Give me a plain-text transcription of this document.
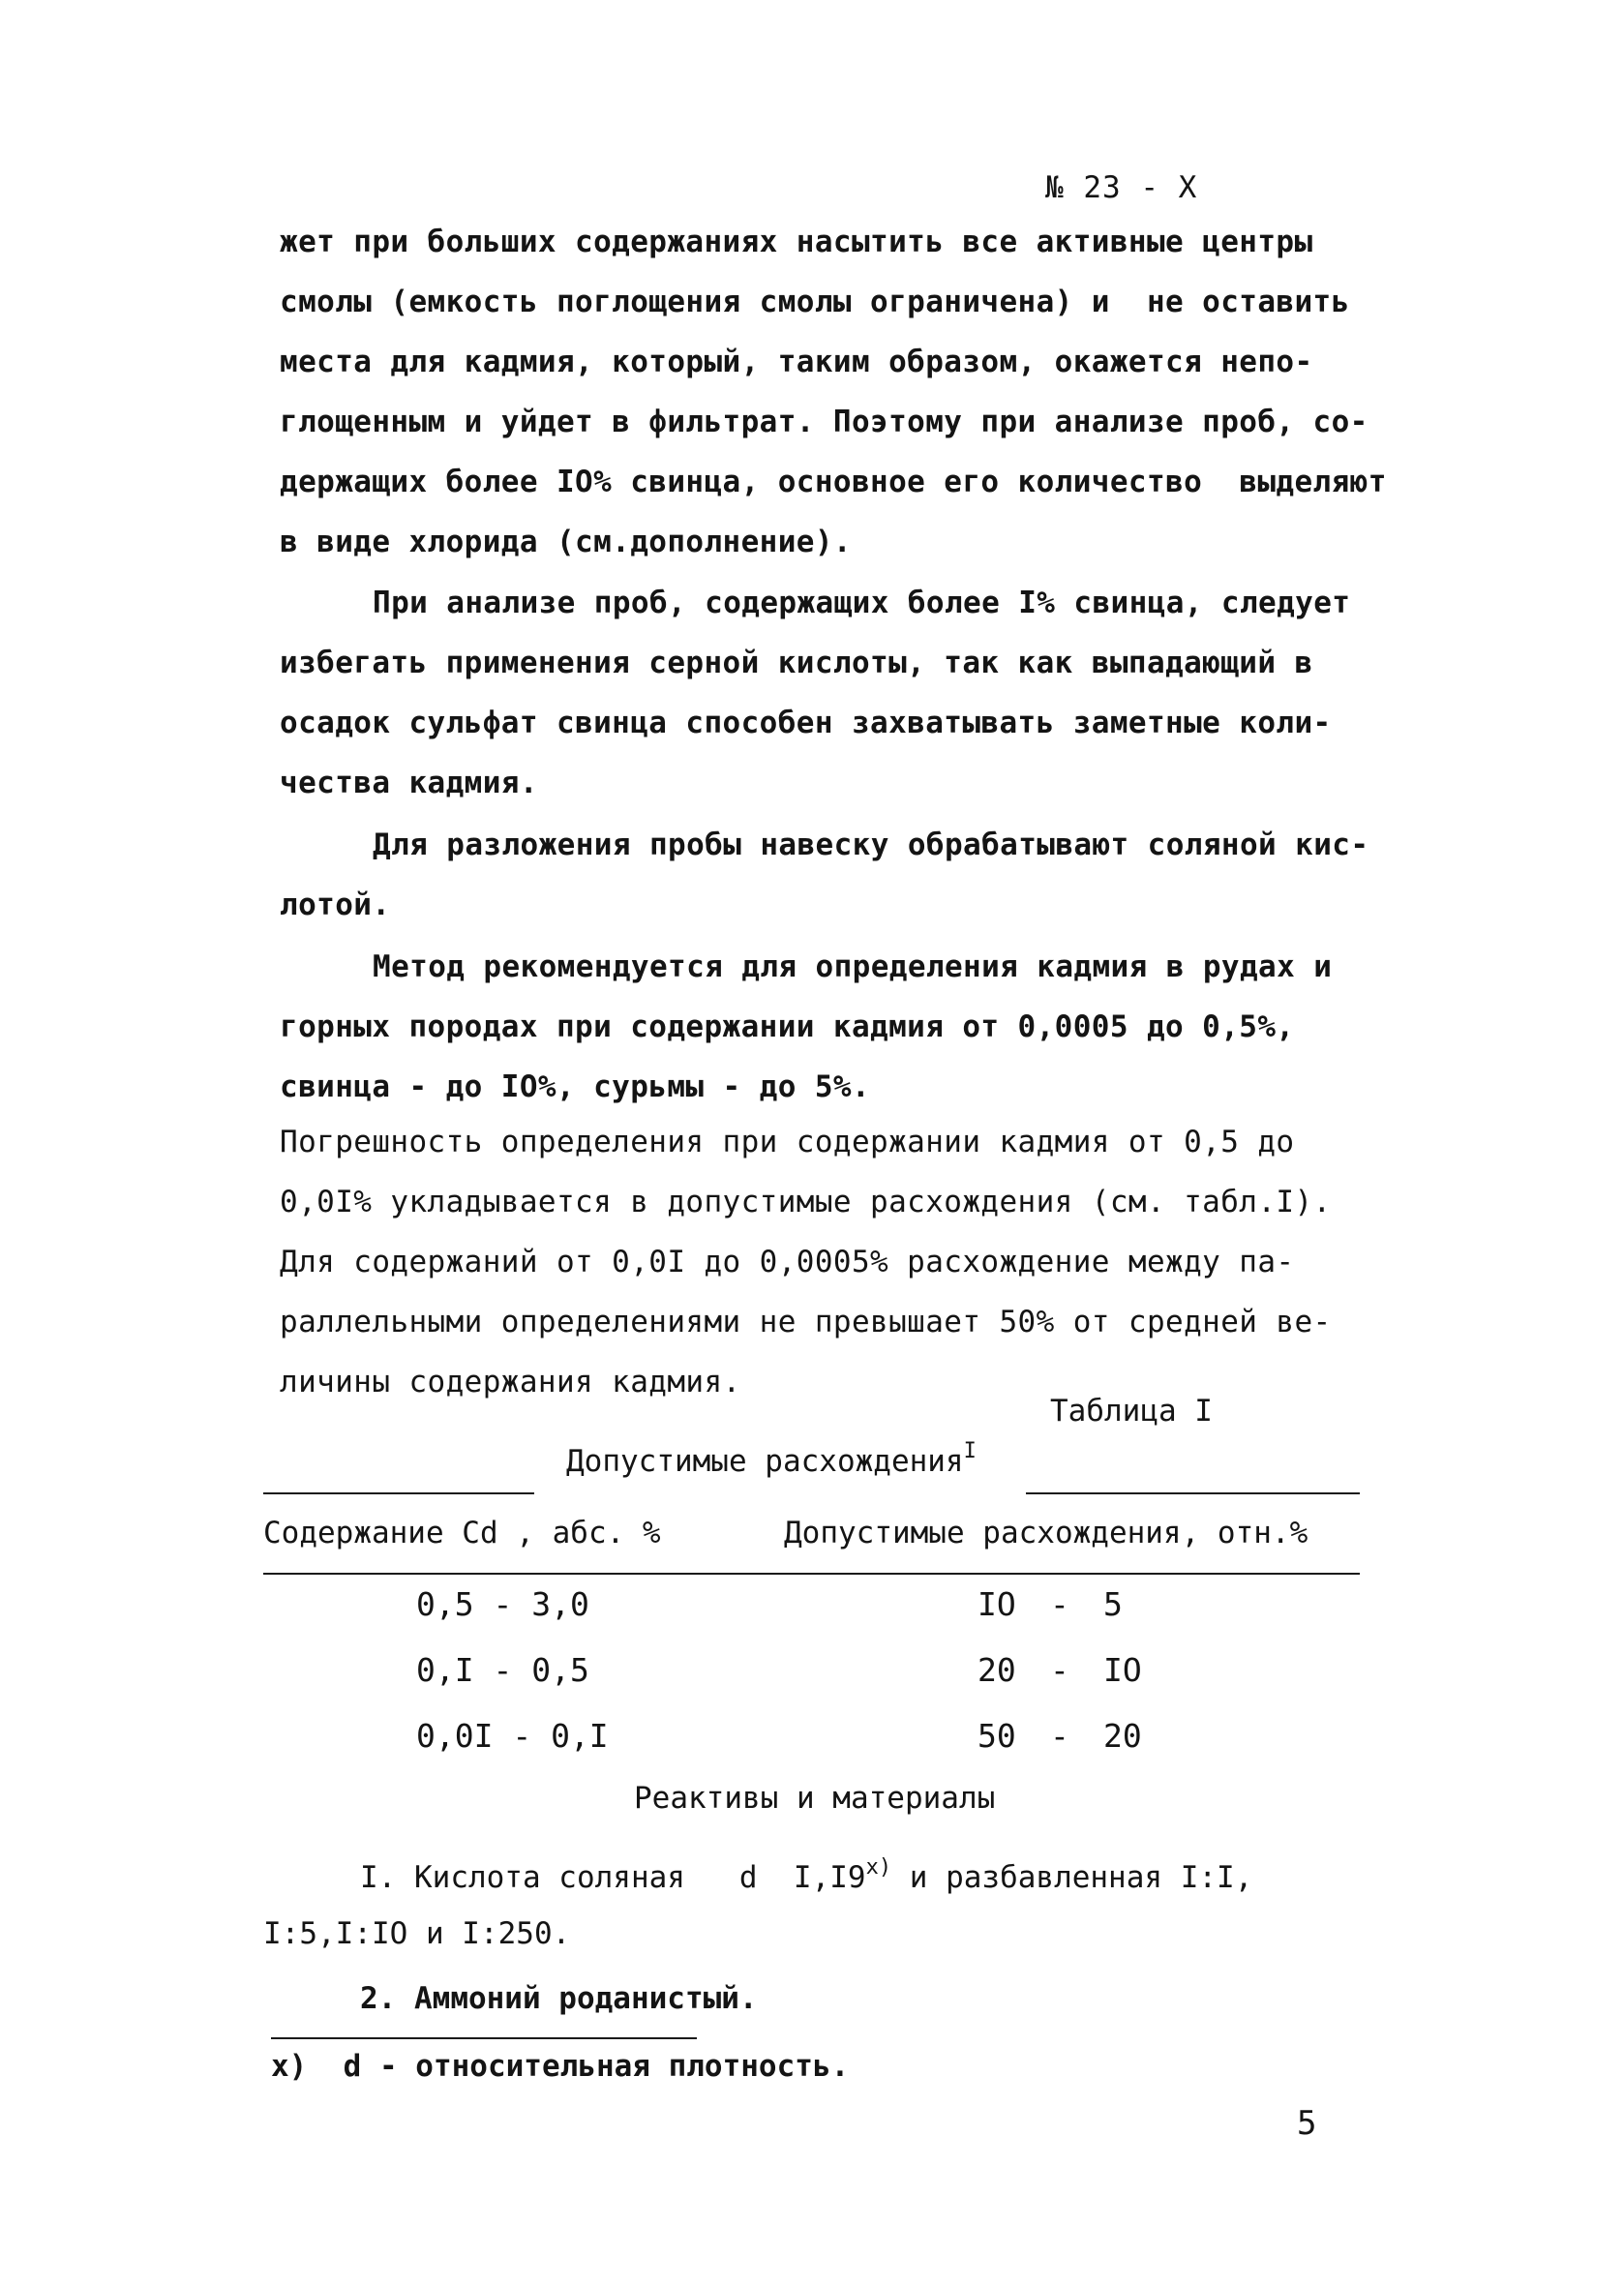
№ 23 - Х
жет при больших содержаниях насытить все активные центры
смолы (емкость поглощения смолы ограничена) и  не оставить
места для кадмия, который, таким образом, окажется непо-
глощенным и уйдет в фильтрат. Поэтому при анализе проб, со-
держащих более IO% свинца, основное его количество  выделяют
в виде хлорида (см.дополнение).
При анализе проб, содержащих более I% свинца, следует
избегать применения серной кислоты, так как выпадающий в
осадок сульфат свинца способен захватывать заметные коли-
чества кадмия.
Для разложения пробы навеску обрабатывают соляной кис-
лотой.
Метод рекомендуется для определения кадмия в рудах и
горных породах при содержании кадмия от 0,0005 до 0,5%,
свинца - до IO%, сурьмы - до 5%.
Погрешность определения при содержании кадмия от 0,5 до
0,0I% укладывается в допустимые расхождения (см. табл.I).
Для содержаний от 0,0I до 0,0005% расхождение между па-
раллельными определениями не превышает 50% от средней ве-
личины содержания кадмия.
Таблица I
Допустимые расхождения$^I$
Содержание Cd , абс. %	Допустимые расхождения, отн.%
0,5 - 3,0	IO - 5
0,I - 0,5	20 - IO
0,0I - 0,I	50 - 20
Реактивы и материалы
I. Кислота соляная   d  I,I9$^{x)}$ и разбавленная I:I,
I:5,I:IO и I:250.
2. Аммоний роданистый.
x)  d - относительная плотность.
5
